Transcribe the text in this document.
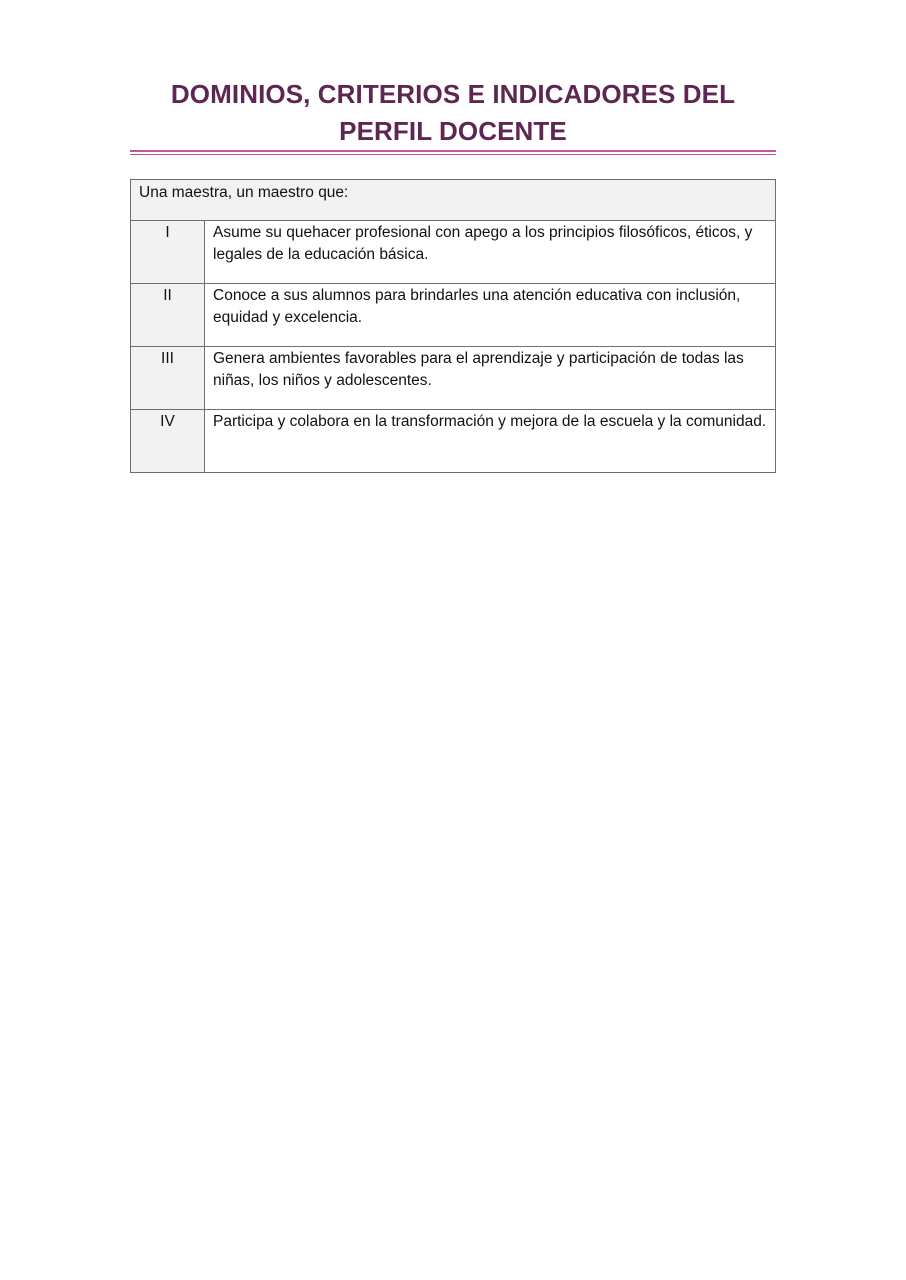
DOMINIOS, CRITERIOS E INDICADORES DEL PERFIL DOCENTE
Una maestra, un maestro que:	
I	Asume su quehacer profesional con apego a los principios filosóficos, éticos, y legales de la educación básica.
II	Conoce a sus alumnos para brindarles una atención educativa con inclusión, equidad y excelencia.
III	Genera ambientes favorables para el aprendizaje y participación de todas las niñas, los niños y adolescentes.
IV	Participa y colabora en la transformación y mejora de la escuela y la comunidad.
